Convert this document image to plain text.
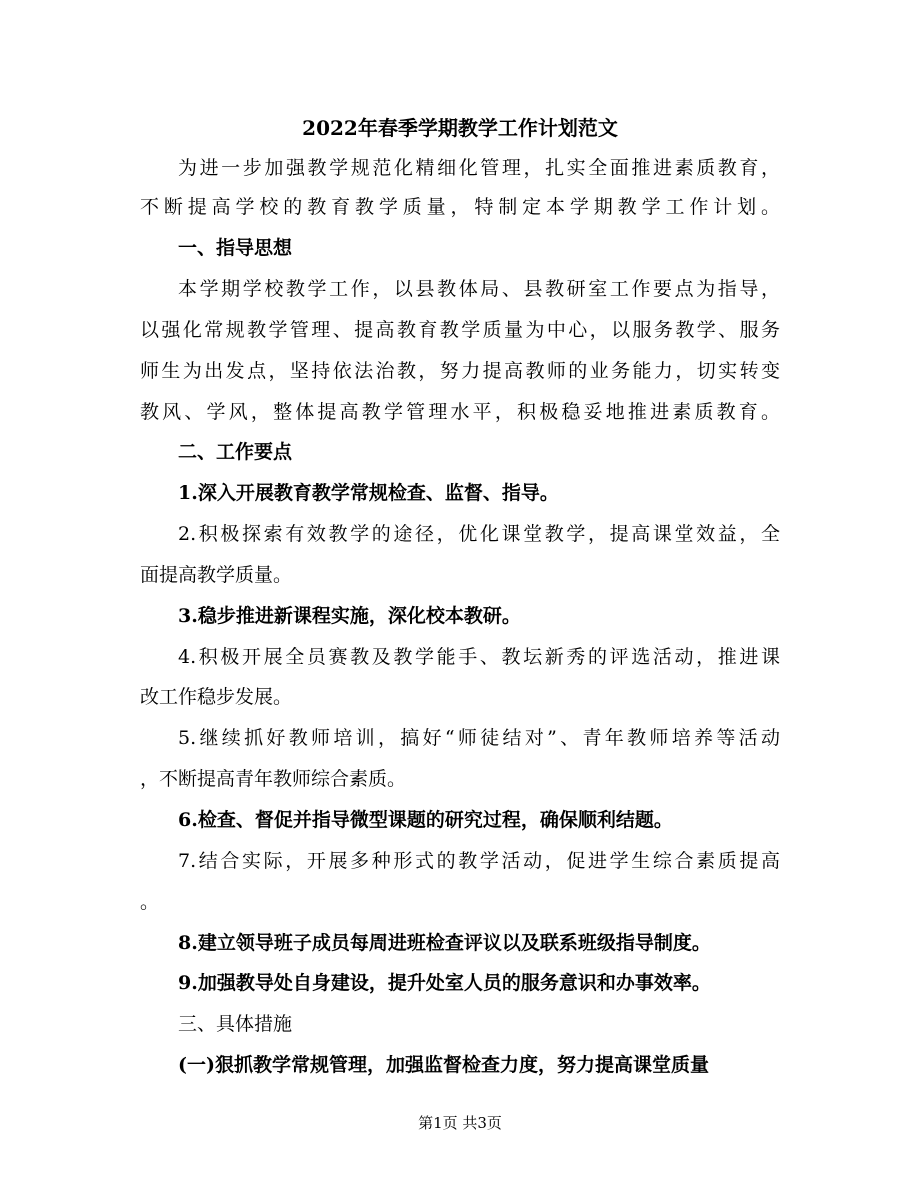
2022年春季学期教学工作计划范文
为进一步加强教学规范化精细化管理，扎实全面推进素质教育，
不断提高学校的教育教学质量，特制定本学期教学工作计划。
一、指导思想
本学期学校教学工作，以县教体局、县教研室工作要点为指导，
以强化常规教学管理、提高教育教学质量为中心，以服务教学、服务
师生为出发点，坚持依法治教，努力提高教师的业务能力，切实转变
教风、学风，整体提高教学管理水平，积极稳妥地推进素质教育。
二、工作要点
1.深入开展教育教学常规检查、监督、指导。
2.积极探索有效教学的途径，优化课堂教学，提高课堂效益，全
面提高教学质量。
3.稳步推进新课程实施，深化校本教研。
4.积极开展全员赛教及教学能手、教坛新秀的评选活动，推进课
改工作稳步发展。
5.继续抓好教师培训，搞好“师徒结对”、青年教师培养等活动
，不断提高青年教师综合素质。
6.检查、督促并指导微型课题的研究过程，确保顺利结题。
7.结合实际，开展多种形式的教学活动，促进学生综合素质提高
。
8.建立领导班子成员每周进班检查评议以及联系班级指导制度。
9.加强教导处自身建设，提升处室人员的服务意识和办事效率。
三、具体措施
(一)狠抓教学常规管理，加强监督检查力度，努力提高课堂质量
第1页 共3页
